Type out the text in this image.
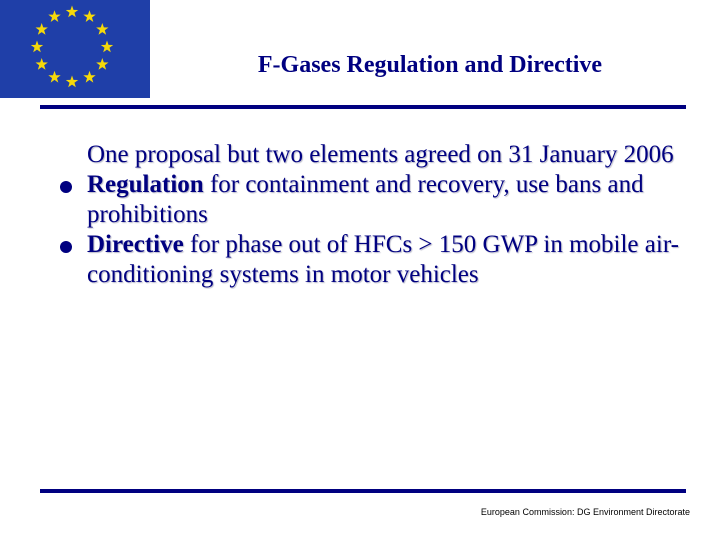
F-Gases Regulation and Directive

One proposal but two elements agreed on 31 January 2006

Regulation for containment and recovery, use bans and prohibitions

Directive for phase out of HFCs > 150 GWP in mobile air-conditioning systems in motor vehicles

European Commission: DG Environment Directorate
